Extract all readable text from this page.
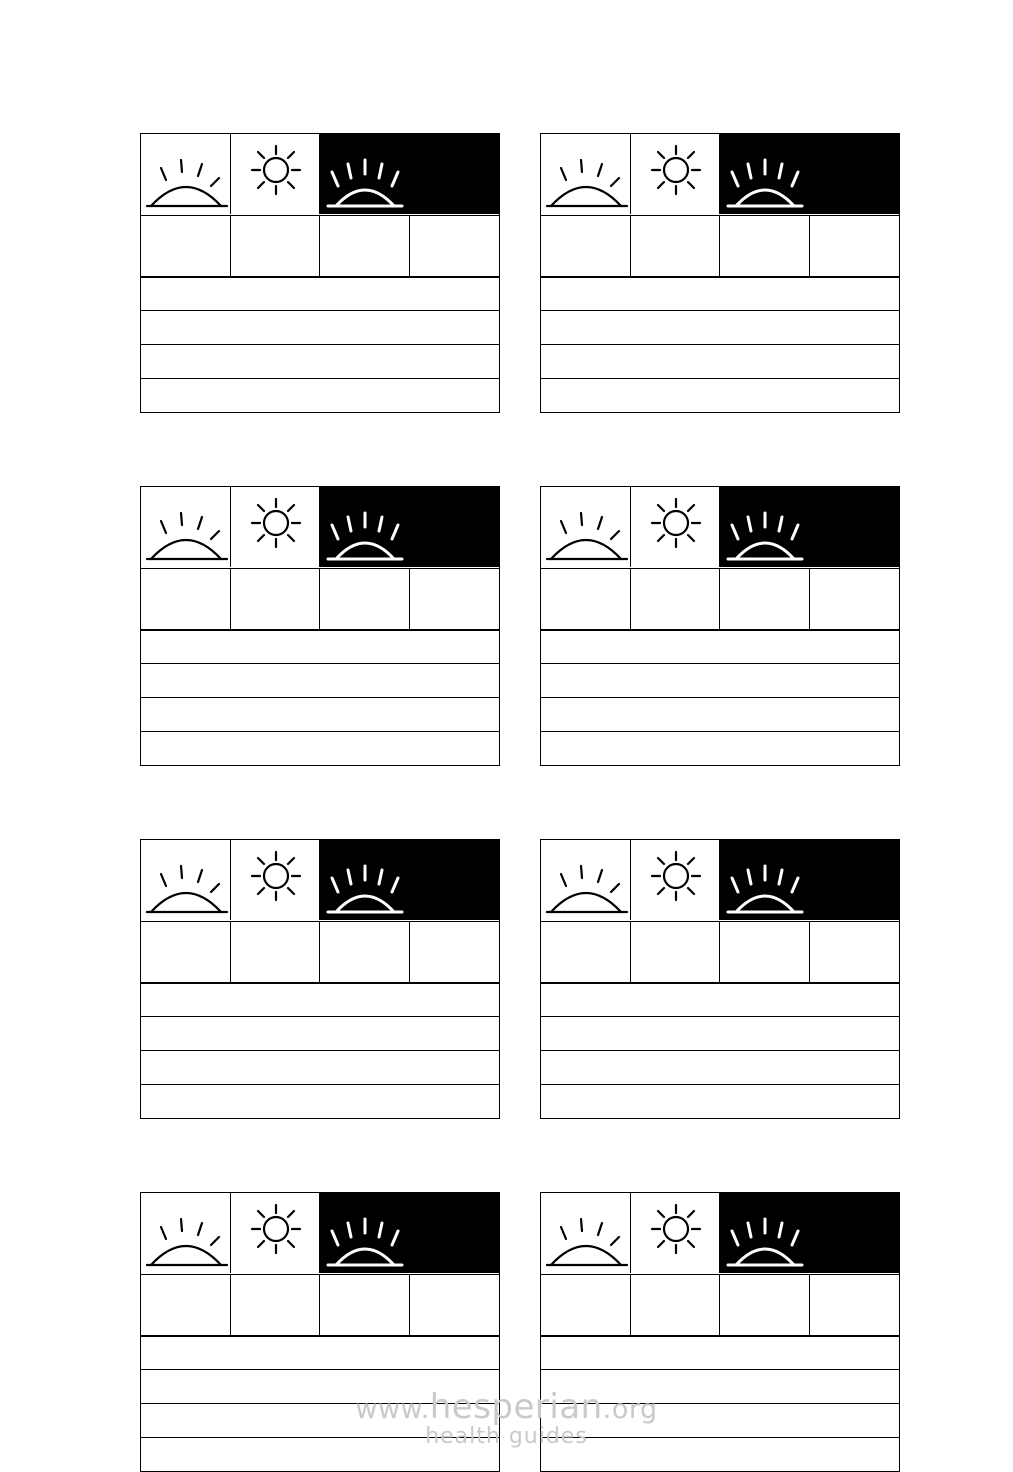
www.hesperian.org
health guides
